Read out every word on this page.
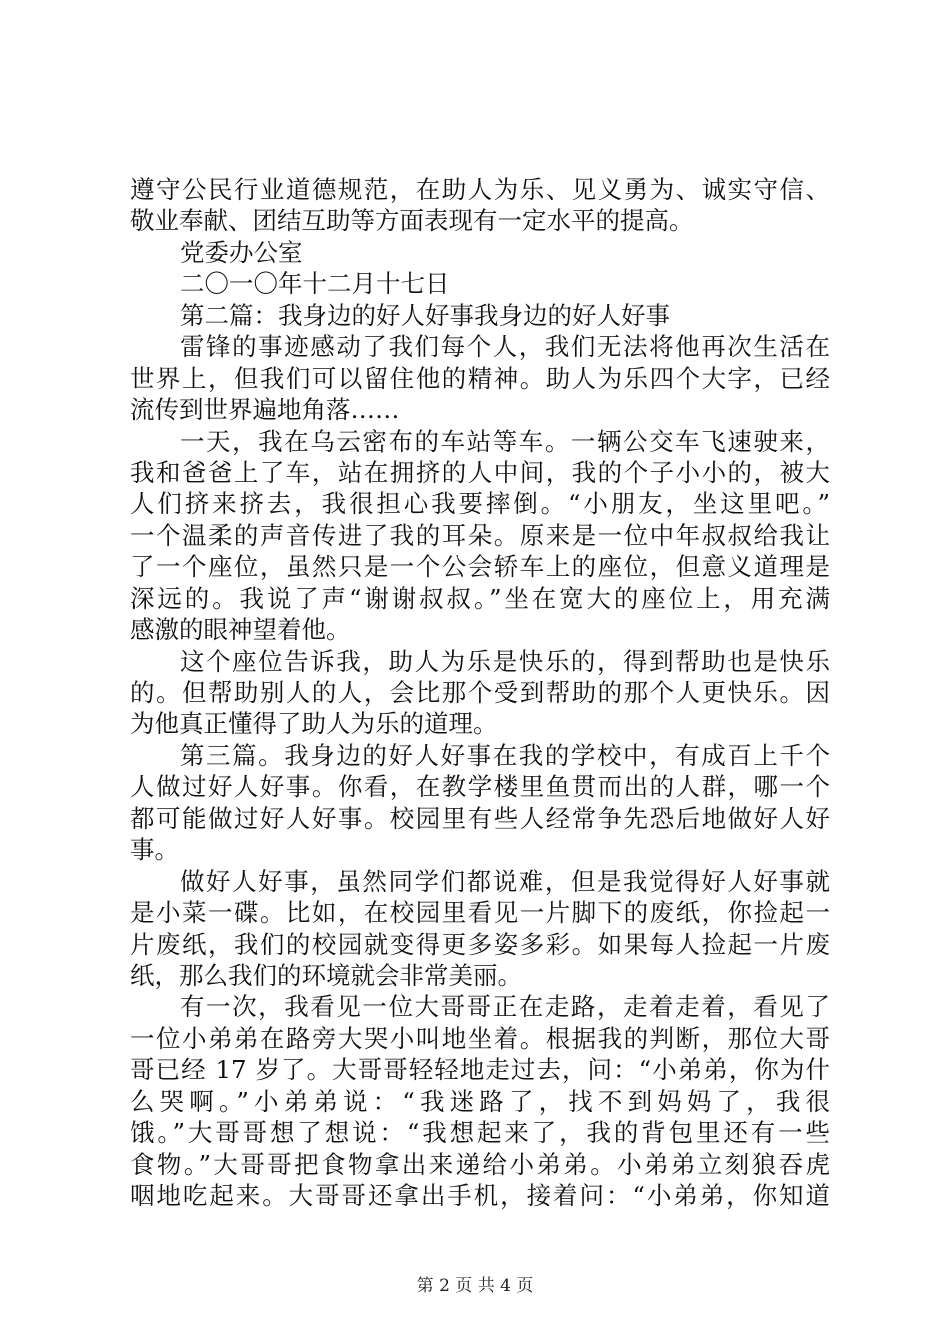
遵守公民行业道德规范，在助人为乐、见义勇为、诚实守信、
敬业奉献、团结互助等方面表现有一定水平的提高。
党委办公室
二〇一〇年十二月十七日
第二篇：我身边的好人好事我身边的好人好事
雷锋的事迹感动了我们每个人，我们无法将他再次生活在
世界上，但我们可以留住他的精神。助人为乐四个大字，已经
流传到世界遍地角落……
一天，我在乌云密布的车站等车。一辆公交车飞速驶来，
我和爸爸上了车，站在拥挤的人中间，我的个子小小的，被大
人们挤来挤去，我很担心我要摔倒。“小朋友，坐这里吧。”
一个温柔的声音传进了我的耳朵。原来是一位中年叔叔给我让
了一个座位，虽然只是一个公会轿车上的座位，但意义道理是
深远的。我说了声“谢谢叔叔。”坐在宽大的座位上，用充满
感激的眼神望着他。
这个座位告诉我，助人为乐是快乐的，得到帮助也是快乐
的。但帮助别人的人，会比那个受到帮助的那个人更快乐。因
为他真正懂得了助人为乐的道理。
第三篇。我身边的好人好事在我的学校中，有成百上千个
人做过好人好事。你看，在教学楼里鱼贯而出的人群，哪一个
都可能做过好人好事。校园里有些人经常争先恐后地做好人好
事。
做好人好事，虽然同学们都说难，但是我觉得好人好事就
是小菜一碟。比如，在校园里看见一片脚下的废纸，你捡起一
片废纸，我们的校园就变得更多姿多彩。如果每人捡起一片废
纸，那么我们的环境就会非常美丽。
有一次，我看见一位大哥哥正在走路，走着走着，看见了
一位小弟弟在路旁大哭小叫地坐着。根据我的判断，那位大哥
哥已经 17 岁了。大哥哥轻轻地走过去，问：“小弟弟，你为什
么哭啊。”小弟弟说：“我迷路了，找不到妈妈了，我很
饿。”大哥哥想了想说：“我想起来了，我的背包里还有一些
食物。”大哥哥把食物拿出来递给小弟弟。小弟弟立刻狼吞虎
咽地吃起来。大哥哥还拿出手机，接着问：“小弟弟，你知道
第 2 页 共 4 页
